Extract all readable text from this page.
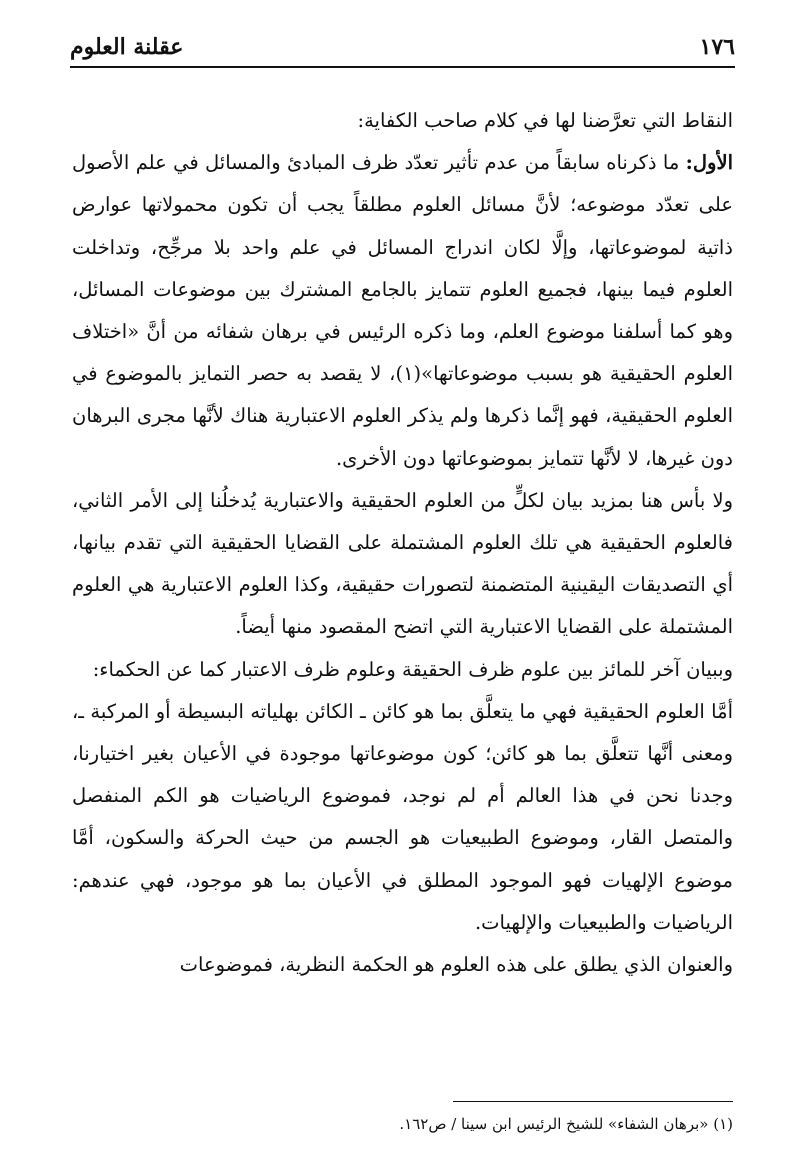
١٧٦
عقلنة العلوم

النقاط التي تعرَّضنا لها في كلام صاحب الكفاية:

الأول: ما ذكرناه سابقاً من عدم تأثير تعدّد ظرف المبادئ والمسائل في علم الأصول على تعدّد موضوعه؛ لأنَّ مسائل العلوم مطلقاً يجب أن تكون محمولاتها عوارض ذاتية لموضوعاتها، وإلَّا لكان اندراج المسائل في علم واحد بلا مرجِّح، وتداخلت العلوم فيما بينها، فجميع العلوم تتمايز بالجامع المشترك بين موضوعات المسائل، وهو كما أسلفنا موضوع العلم، وما ذكره الرئيس في برهان شفائه من أنَّ «اختلاف العلوم الحقيقية هو بسبب موضوعاتها»(١)، لا يقصد به حصر التمايز بالموضوع في العلوم الحقيقية، فهو إنَّما ذكرها ولم يذكر العلوم الاعتبارية هناك لأنَّها مجرى البرهان دون غيرها، لا لأنَّها تتمايز بموضوعاتها دون الأخرى.

ولا بأس هنا بمزيد بيان لكلٍّ من العلوم الحقيقية والاعتبارية يُدخلُنا إلى الأمر الثاني، فالعلوم الحقيقية هي تلك العلوم المشتملة على القضايا الحقيقية التي تقدم بيانها، أي التصديقات اليقينية المتضمنة لتصورات حقيقية، وكذا العلوم الاعتبارية هي العلوم المشتملة على القضايا الاعتبارية التي اتضح المقصود منها أيضاً.

وببيان آخر للمائز بين علوم ظرف الحقيقة وعلوم ظرف الاعتبار كما عن الحكماء:

أمَّا العلوم الحقيقية فهي ما يتعلَّق بما هو كائن ـ الكائن بهلياته البسيطة أو المركبة ـ، ومعنى أنَّها تتعلَّق بما هو كائن؛ كون موضوعاتها موجودة في الأعيان بغير اختيارنا، وجدنا نحن في هذا العالم أم لم نوجد، فموضوع الرياضيات هو الكم المنفصل والمتصل القار، وموضوع الطبيعيات هو الجسم من حيث الحركة والسكون، أمَّا موضوع الإلهيات فهو الموجود المطلق في الأعيان بما هو موجود، فهي عندهم: الرياضيات والطبيعيات والإلهيات.

والعنوان الذي يطلق على هذه العلوم هو الحكمة النظرية، فموضوعات

(١) «برهان الشفاء» للشيخ الرئيس ابن سينا / ص١٦٢.
